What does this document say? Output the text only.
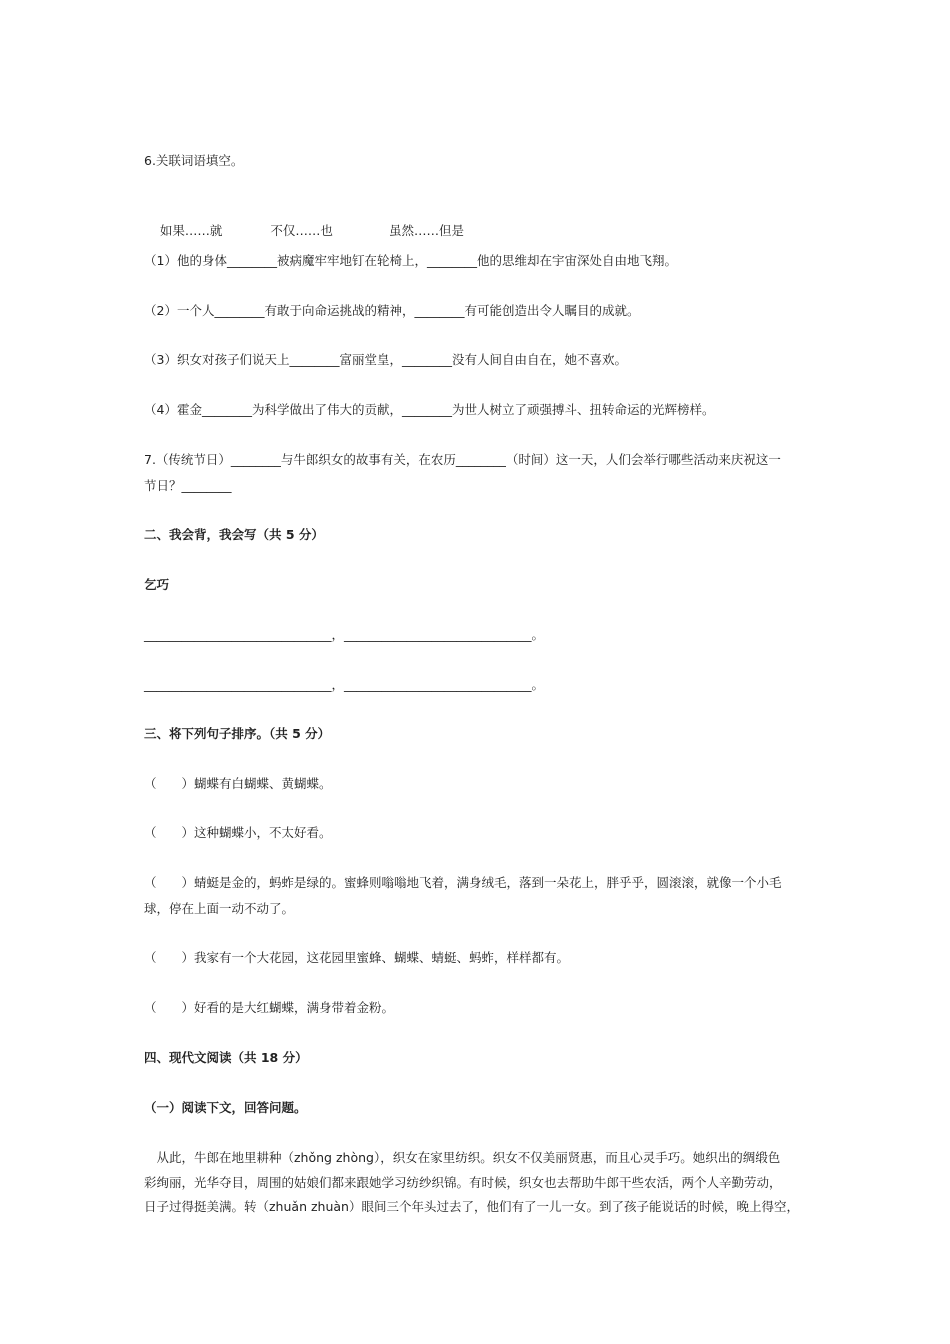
6.关联词语填空。

如果……就	不仅……也	虽然……但是

（1）他的身体________被病魔牢牢地钉在轮椅上，________他的思维却在宇宙深处自由地飞翔。
（2）一个人________有敢于向命运挑战的精神，________有可能创造出令人瞩目的成就。
（3）织女对孩子们说天上________富丽堂皇，________没有人间自由自在，她不喜欢。
（4）霍金________为科学做出了伟大的贡献，________为世人树立了顽强搏斗、扭转命运的光辉榜样。
7.（传统节日）________与牛郎织女的故事有关，在农历________（时间）这一天，人们会举行哪些活动来庆祝这一
节日？________
二、我会背，我会写（共 5 分）
乞巧
______________________________，______________________________。
______________________________，______________________________。
三、将下列句子排序。（共 5 分）
（　　）蝴蝶有白蝴蝶、黄蝴蝶。
（　　）这种蝴蝶小，不太好看。
（　　）蜻蜓是金的，蚂蚱是绿的。蜜蜂则嗡嗡地飞着，满身绒毛，落到一朵花上，胖乎乎，圆滚滚，就像一个小毛
球，停在上面一动不动了。
（　　）我家有一个大花园，这花园里蜜蜂、蝴蝶、蜻蜓、蚂蚱，样样都有。
（　　）好看的是大红蝴蝶，满身带着金粉。
四、现代文阅读（共 18 分）
（一）阅读下文，回答问题。

　从此，牛郎在地里耕种（zhǒng zhòng），织女在家里纺织。织女不仅美丽贤惠，而且心灵手巧。她织出的绸缎色

彩绚丽，光华夺目，周围的姑娘们都来跟她学习纺纱织锦。有时候，织女也去帮助牛郎干些农活，两个人辛勤劳动，

日子过得挺美满。转（zhuǎn zhuàn）眼间三个年头过去了，他们有了一儿一女。到了孩子能说话的时候，晚上得空，
